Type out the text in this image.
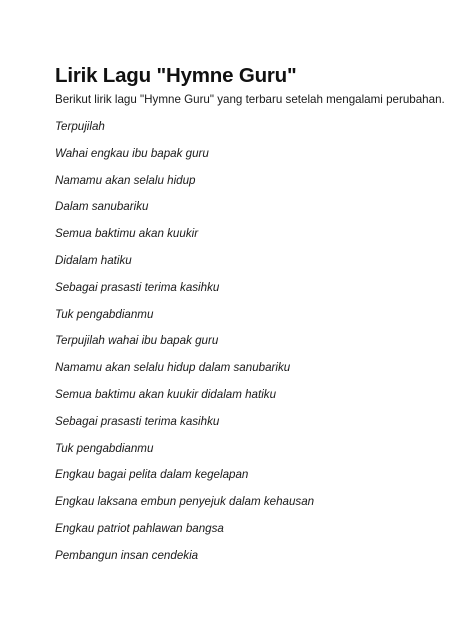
Lirik Lagu "Hymne Guru"

Berikut lirik lagu "Hymne Guru" yang terbaru setelah mengalami perubahan.

Terpujilah
Wahai engkau ibu bapak guru
Namamu akan selalu hidup
Dalam sanubariku
Semua baktimu akan kuukir
Didalam hatiku
Sebagai prasasti terima kasihku
Tuk pengabdianmu
Terpujilah wahai ibu bapak guru
Namamu akan selalu hidup dalam sanubariku
Semua baktimu akan kuukir didalam hatiku
Sebagai prasasti terima kasihku
Tuk pengabdianmu
Engkau bagai pelita dalam kegelapan
Engkau laksana embun penyejuk dalam kehausan
Engkau patriot pahlawan bangsa
Pembangun insan cendekia
